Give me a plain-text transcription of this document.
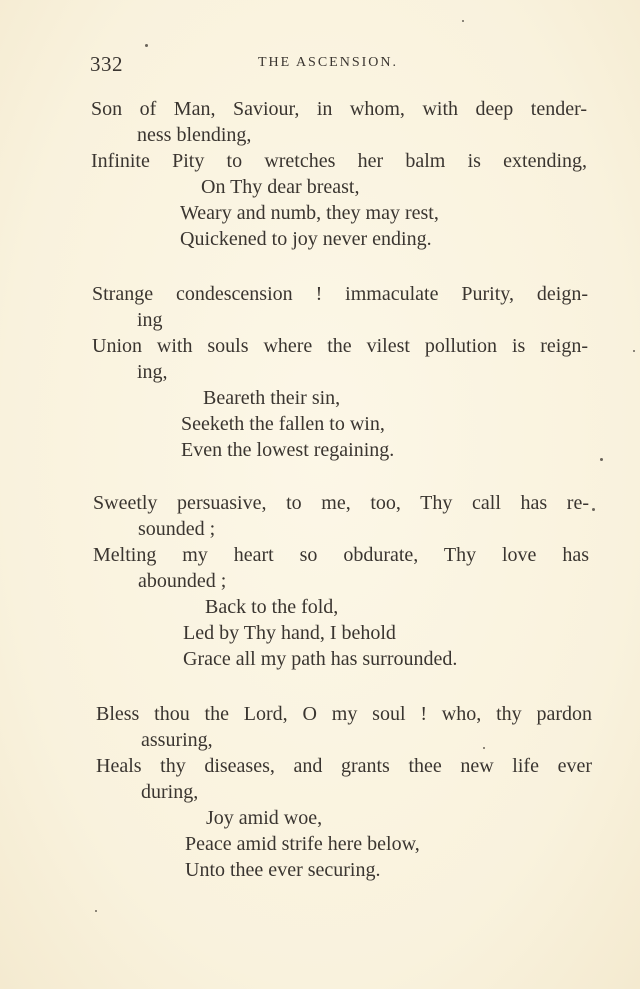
332	THE ASCENSION.
Son of Man, Saviour, in whom, with deep tender-
ness blending,
Infinite Pity to wretches her balm is extending,
On Thy dear breast,
Weary and numb, they may rest,
Quickened to joy never ending.
Strange condescension ! immaculate Purity, deign-
ing
Union with souls where the vilest pollution is reign-
ing,
Beareth their sin,
Seeketh the fallen to win,
Even the lowest regaining.
Sweetly persuasive, to me, too, Thy call has re-
sounded ;
Melting my heart so obdurate, Thy love has
abounded ;
Back to the fold,
Led by Thy hand, I behold
Grace all my path has surrounded.
Bless thou the Lord, O my soul ! who, thy pardon
assuring,
Heals thy diseases, and grants thee new life ever
during,
Joy amid woe,
Peace amid strife here below,
Unto thee ever securing.
